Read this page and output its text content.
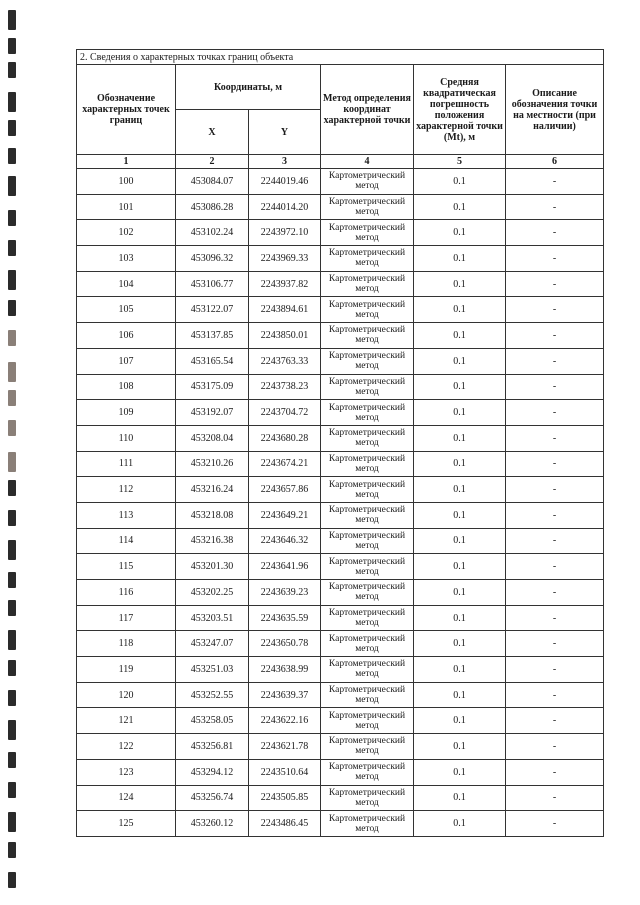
2. Сведения о характерных точках границ объекта					
Обозначение характерных точек границ	Координаты, м		Метод определения координат характерной точки	Средняя квадратическая погрешность положения характерной точки (Mt), м	Описание обозначения точки на местности (при наличии)
	X	Y			
1	2	3	4	5	6
100	453084.07	2244019.46	Картометрический метод	0.1	-
101	453086.28	2244014.20	Картометрический метод	0.1	-
102	453102.24	2243972.10	Картометрический метод	0.1	-
103	453096.32	2243969.33	Картометрический метод	0.1	-
104	453106.77	2243937.82	Картометрический метод	0.1	-
105	453122.07	2243894.61	Картометрический метод	0.1	-
106	453137.85	2243850.01	Картометрический метод	0.1	-
107	453165.54	2243763.33	Картометрический метод	0.1	-
108	453175.09	2243738.23	Картометрический метод	0.1	-
109	453192.07	2243704.72	Картометрический метод	0.1	-
110	453208.04	2243680.28	Картометрический метод	0.1	-
111	453210.26	2243674.21	Картометрический метод	0.1	-
112	453216.24	2243657.86	Картометрический метод	0.1	-
113	453218.08	2243649.21	Картометрический метод	0.1	-
114	453216.38	2243646.32	Картометрический метод	0.1	-
115	453201.30	2243641.96	Картометрический метод	0.1	-
116	453202.25	2243639.23	Картометрический метод	0.1	-
117	453203.51	2243635.59	Картометрический метод	0.1	-
118	453247.07	2243650.78	Картометрический метод	0.1	-
119	453251.03	2243638.99	Картометрический метод	0.1	-
120	453252.55	2243639.37	Картометрический метод	0.1	-
121	453258.05	2243622.16	Картометрический метод	0.1	-
122	453256.81	2243621.78	Картометрический метод	0.1	-
123	453294.12	2243510.64	Картометрический метод	0.1	-
124	453256.74	2243505.85	Картометрический метод	0.1	-
125	453260.12	2243486.45	Картометрический метод	0.1	-
